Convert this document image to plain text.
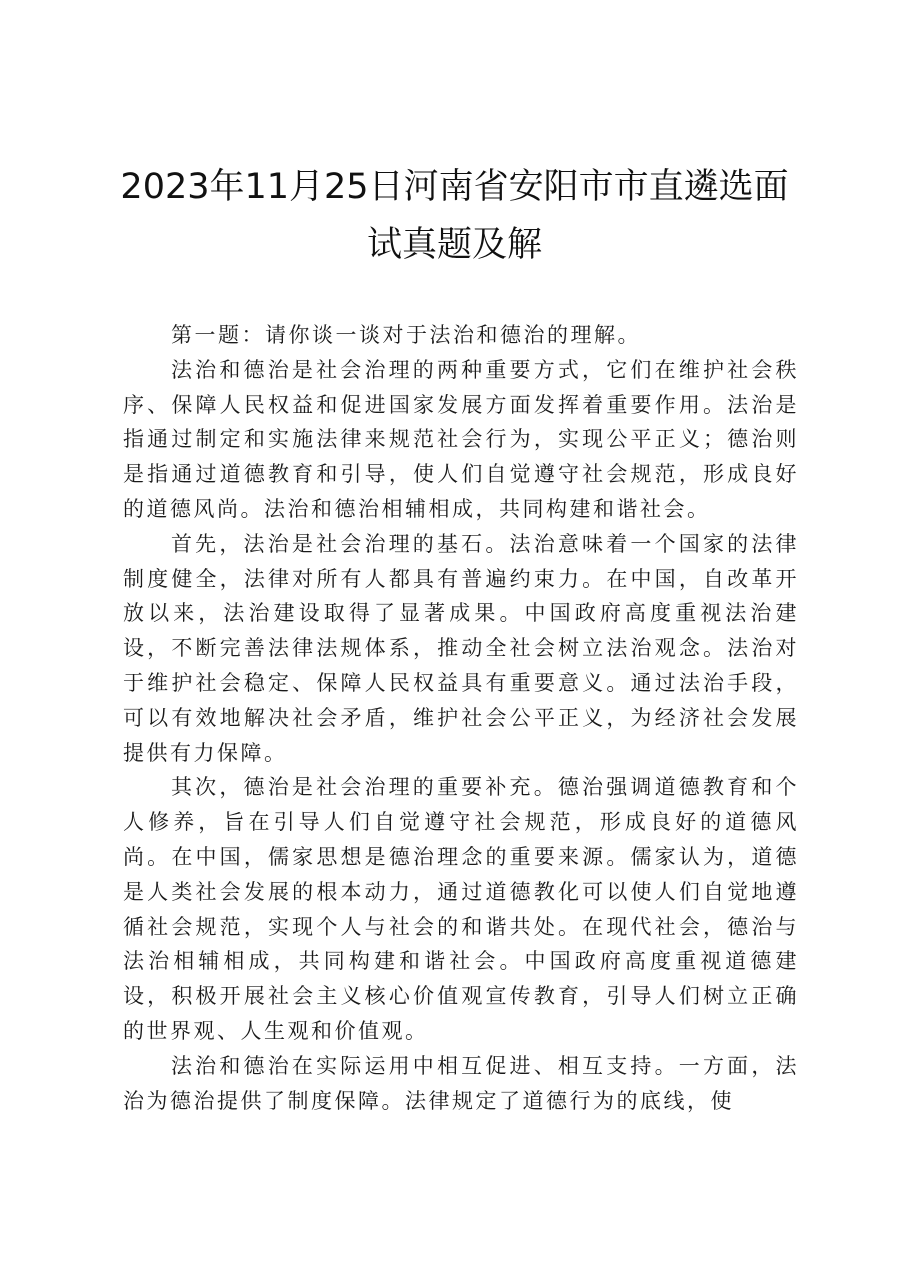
2023年11月25日河南省安阳市市直遴选面
试真题及解

第一题：请你谈一谈对于法治和德治的理解。

法治和德治是社会治理的两种重要方式，它们在维护社会秩序、保障人民权益和促进国家发展方面发挥着重要作用。法治是指通过制定和实施法律来规范社会行为，实现公平正义；德治则是指通过道德教育和引导，使人们自觉遵守社会规范，形成良好的道德风尚。法治和德治相辅相成，共同构建和谐社会。

首先，法治是社会治理的基石。法治意味着一个国家的法律制度健全，法律对所有人都具有普遍约束力。在中国，自改革开放以来，法治建设取得了显著成果。中国政府高度重视法治建设，不断完善法律法规体系，推动全社会树立法治观念。法治对于维护社会稳定、保障人民权益具有重要意义。通过法治手段，可以有效地解决社会矛盾，维护社会公平正义，为经济社会发展提供有力保障。

其次，德治是社会治理的重要补充。德治强调道德教育和个人修养，旨在引导人们自觉遵守社会规范，形成良好的道德风尚。在中国，儒家思想是德治理念的重要来源。儒家认为，道德是人类社会发展的根本动力，通过道德教化可以使人们自觉地遵循社会规范，实现个人与社会的和谐共处。在现代社会，德治与法治相辅相成，共同构建和谐社会。中国政府高度重视道德建设，积极开展社会主义核心价值观宣传教育，引导人们树立正确的世界观、人生观和价值观。

法治和德治在实际运用中相互促进、相互支持。一方面，法治为德治提供了制度保障。法律规定了道德行为的底线，使
